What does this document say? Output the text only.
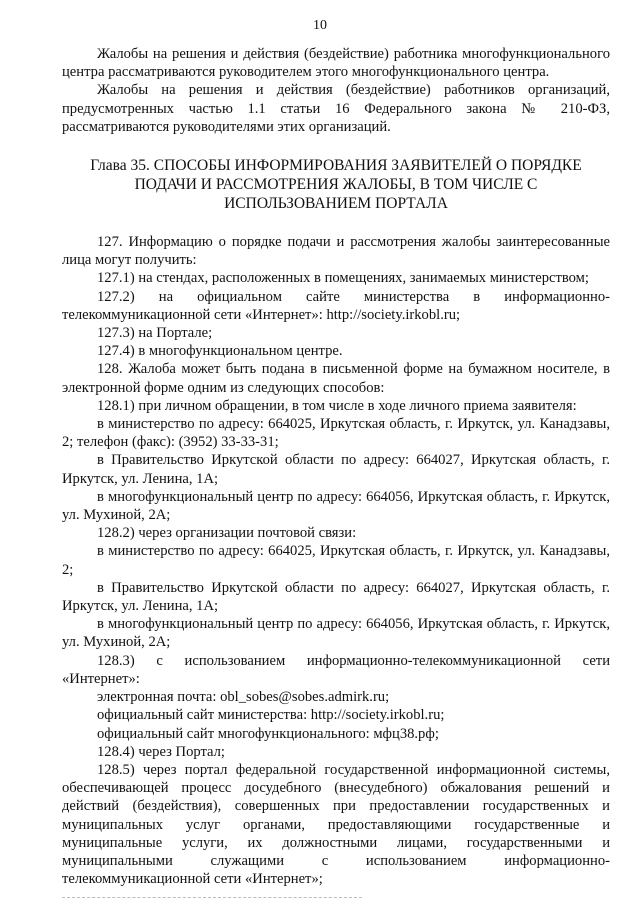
10

Жалобы на решения и действия (бездействие) работника многофункционального центра рассматриваются руководителем этого многофункционального центра.

Жалобы на решения и действия (бездействие) работников организаций, предусмотренных частью 1.1 статьи 16 Федерального закона № 210-ФЗ, рассматриваются руководителями этих организаций.

Глава 35. СПОСОБЫ ИНФОРМИРОВАНИЯ ЗАЯВИТЕЛЕЙ О ПОРЯДКЕ ПОДАЧИ И РАССМОТРЕНИЯ ЖАЛОБЫ, В ТОМ ЧИСЛЕ С ИСПОЛЬЗОВАНИЕМ ПОРТАЛА

127. Информацию о порядке подачи и рассмотрения жалобы заинтересованные лица могут получить:

127.1) на стендах, расположенных в помещениях, занимаемых министерством;

127.2) на официальном сайте министерства в информационно-телекоммуникационной сети «Интернет»: http://society.irkobl.ru;

127.3) на Портале;

127.4) в многофункциональном центре.

128. Жалоба может быть подана в письменной форме на бумажном носителе, в электронной форме одним из следующих способов:

128.1) при личном обращении, в том числе в ходе личного приема заявителя:

в министерство по адресу: 664025, Иркутская область, г. Иркутск, ул. Канадзавы, 2; телефон (факс): (3952) 33-33-31;

в Правительство Иркутской области по адресу: 664027, Иркутская область, г. Иркутск, ул. Ленина, 1А;

в многофункциональный центр по адресу: 664056, Иркутская область, г. Иркутск, ул. Мухиной, 2А;

128.2) через организации почтовой связи:

в министерство по адресу: 664025, Иркутская область, г. Иркутск, ул. Канадзавы, 2;

в Правительство Иркутской области по адресу: 664027, Иркутская область, г. Иркутск, ул. Ленина, 1А;

в многофункциональный центр по адресу: 664056, Иркутская область, г. Иркутск, ул. Мухиной, 2А;

128.3) с использованием информационно-телекоммуникационной сети «Интернет»:

электронная почта: obl_sobes@sobes.admirk.ru;

официальный сайт министерства: http://society.irkobl.ru;

официальный сайт многофункционального: мфц38.рф;

128.4) через Портал;

128.5) через портал федеральной государственной информационной системы, обеспечивающей процесс досудебного (внесудебного) обжалования решений и действий (бездействия), совершенных при предоставлении государственных и муниципальных услуг органами, предоставляющими государственные и муниципальные услуги, их должностными лицами, государственными и муниципальными служащими с использованием информационно-телекоммуникационной сети «Интернет»;
